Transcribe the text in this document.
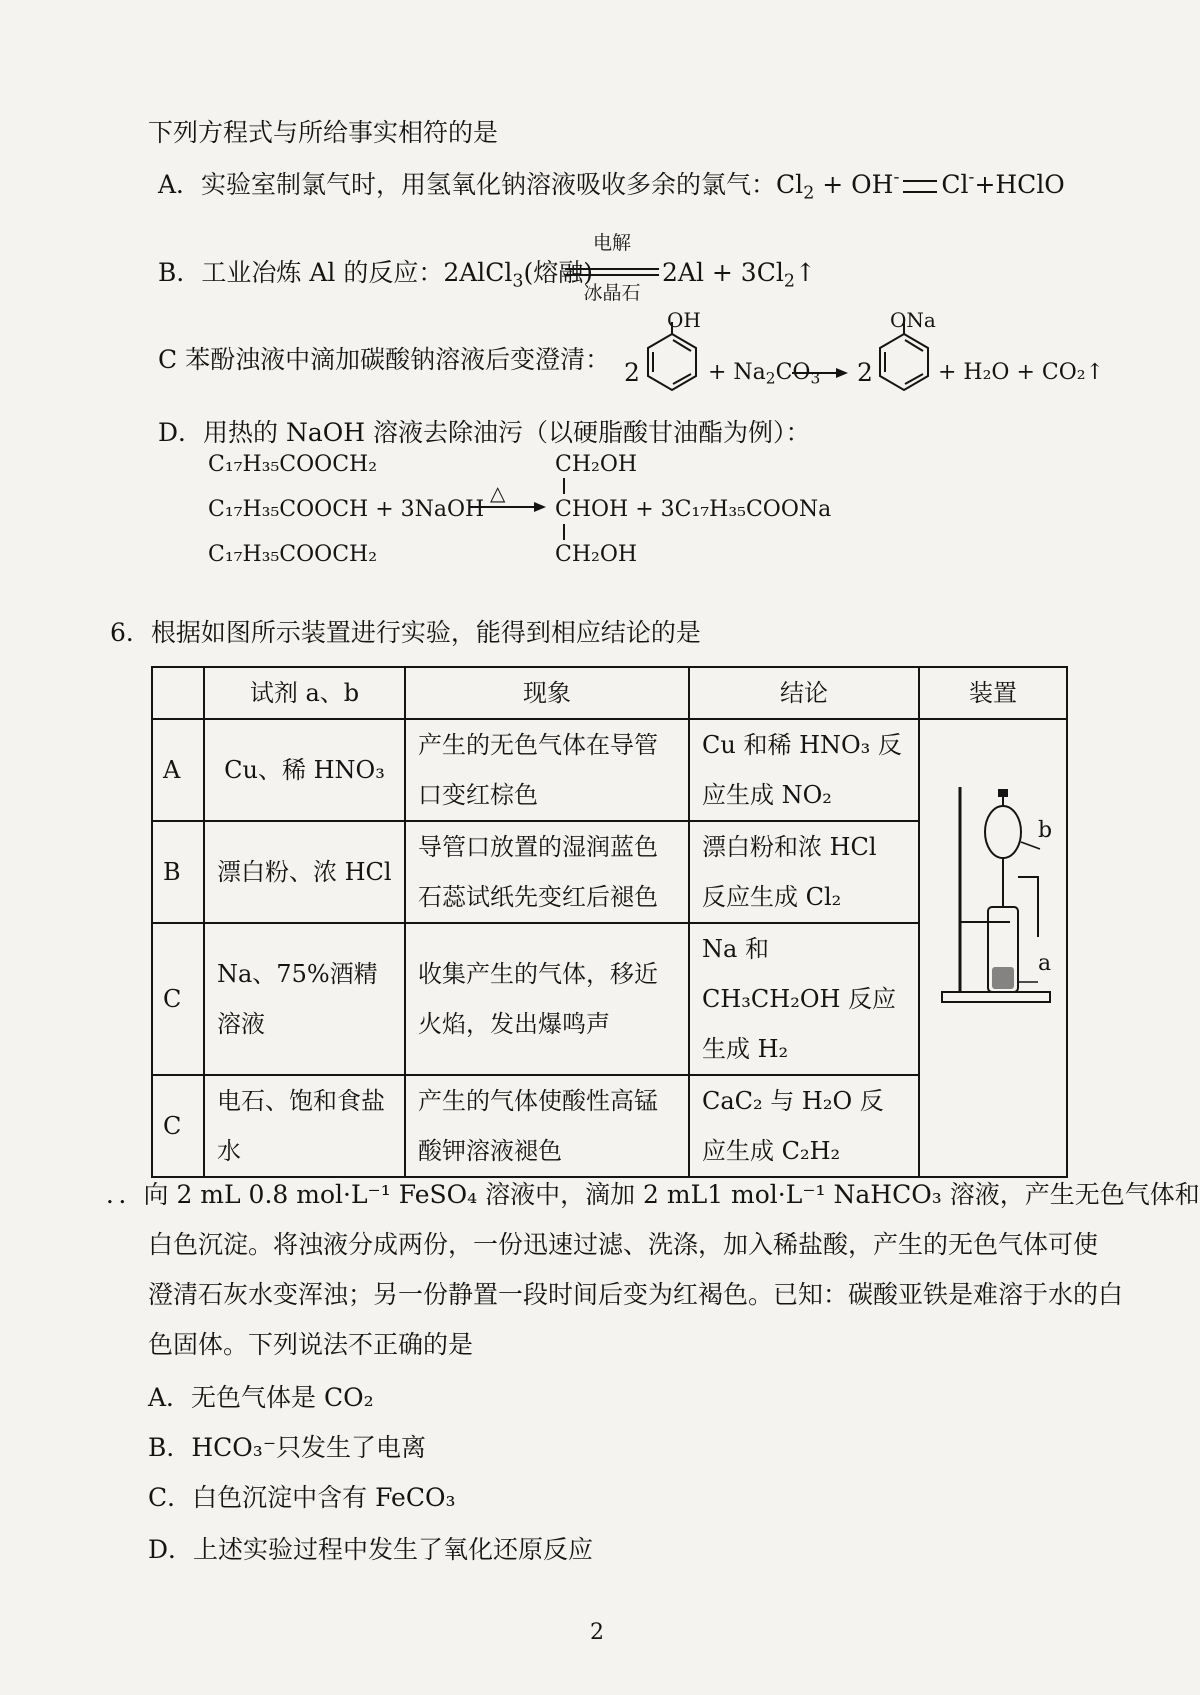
下列方程式与所给事实相符的是
A．实验室制氯气时，用氢氧化钠溶液吸收多余的氯气：$Cl_2 + OH^-$ Cl-+HClO
B．工业冶炼 Al 的反应：2AlCl$_3$(熔融)
电解
冰晶石
$2Al + 3Cl_2↑$
C 苯酚浊液中滴加碳酸钠溶液后变澄清：
OH	ONa
2	+ $Na_2CO_3$ 2	+ H₂O + CO₂↑
D．用热的 NaOH 溶液去除油污（以硬脂酸甘油酯为例）：
C₁₇H₃₅COOCH₂
C₁₇H₃₅COOCH + 3NaOH
C₁₇H₃₅COOCH₂
△
CH₂OH
CHOH + 3C₁₇H₃₅COONa
CH₂OH
6．根据如图所示装置进行实验，能得到相应结论的是
	试剂 a、b	现象	结论	装置
A	Cu、稀 HNO₃	产生的无色气体在导管口变红棕色	Cu 和稀 HNO₃ 反应生成 NO₂	b
a

B	漂白粉、浓 HCl	导管口放置的湿润蓝色石蕊试纸先变红后褪色	漂白粉和浓 HCl 反应生成 Cl₂	
C	Na、75%酒精溶液	收集产生的气体，移近火焰，发出爆鸣声	Na 和 CH₃CH₂OH 反应生成 H₂	
C	电石、饱和食盐水	产生的气体使酸性高锰酸钾溶液褪色	CaC₂ 与 H₂O 反应生成 C₂H₂	
．．向 2 mL 0.8 mol·L⁻¹ FeSO₄ 溶液中，滴加 2 mL1 mol·L⁻¹ NaHCO₃ 溶液，产生无色气体和
白色沉淀。将浊液分成两份，一份迅速过滤、洗涤，加入稀盐酸，产生的无色气体可使
澄清石灰水变浑浊；另一份静置一段时间后变为红褐色。已知：碳酸亚铁是难溶于水的白
色固体。下列说法不正确的是
A．无色气体是 CO₂
B．HCO₃⁻只发生了电离
C．白色沉淀中含有 FeCO₃
D．上述实验过程中发生了氧化还原反应
2
